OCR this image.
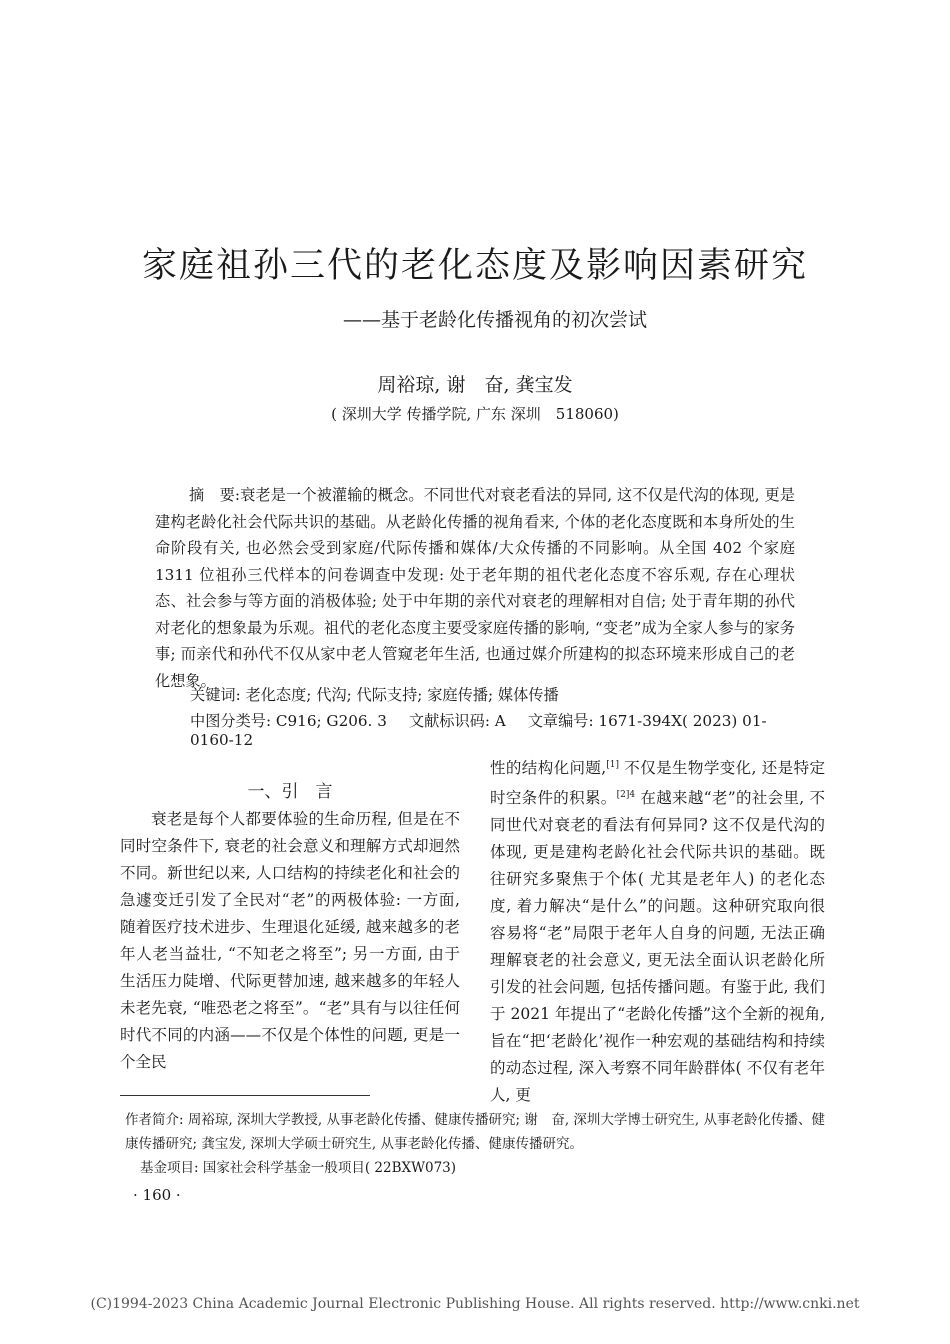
家庭祖孙三代的老化态度及影响因素研究
——基于老龄化传播视角的初次尝试
周裕琼, 谢　奋, 龚宝发
( 深圳大学 传播学院, 广东 深圳　518060)
摘　要:衰老是一个被灌输的概念。不同世代对衰老看法的异同, 这不仅是代沟的体现, 更是建构老龄化社会代际共识的基础。从老龄化传播的视角看来, 个体的老化态度既和本身所处的生命阶段有关, 也必然会受到家庭/代际传播和媒体/大众传播的不同影响。从全国 402 个家庭 1311 位祖孙三代样本的问卷调查中发现: 处于老年期的祖代老化态度不容乐观, 存在心理状态、社会参与等方面的消极体验; 处于中年期的亲代对衰老的理解相对自信; 处于青年期的孙代对老化的想象最为乐观。祖代的老化态度主要受家庭传播的影响, “变老”成为全家人参与的家务事; 而亲代和孙代不仅从家中老人管窥老年生活, 也通过媒介所建构的拟态环境来形成自己的老化想象。
关键词: 老化态度; 代沟; 代际支持; 家庭传播; 媒体传播
中图分类号: C916; G206. 3 文献标识码: A 文章编号: 1671-394X( 2023) 01-0160-12
一、引　言
衰老是每个人都要体验的生命历程, 但是在不同时空条件下, 衰老的社会意义和理解方式却迥然不同。新世纪以来, 人口结构的持续老化和社会的急遽变迁引发了全民对“老”的两极体验: 一方面, 随着医疗技术进步、生理退化延缓, 越来越多的老年人老当益壮, “不知老之将至”; 另一方面, 由于生活压力陡增、代际更替加速, 越来越多的年轻人未老先衰, “唯恐老之将至”。“老”具有与以往任何时代不同的内涵——不仅是个体性的问题, 更是一个全民
性的结构化问题,[1] 不仅是生物学变化, 还是特定时空条件的积累。$^{[2]4}$ 在越来越“老”的社会里, 不同世代对衰老的看法有何异同? 这不仅是代沟的体现, 更是建构老龄化社会代际共识的基础。既往研究多聚焦于个体( 尤其是老年人) 的老化态度, 着力解决“是什么”的问题。这种研究取向很容易将“老”局限于老年人自身的问题, 无法正确理解衰老的社会意义, 更无法全面认识老龄化所引发的社会问题, 包括传播问题。有鉴于此, 我们于 2021 年提出了“老龄化传播”这个全新的视角, 旨在“把‘老龄化’视作一种宏观的基础结构和持续的动态过程, 深入考察不同年龄群体( 不仅有老年人, 更
作者简介: 周裕琼, 深圳大学教授, 从事老龄化传播、健康传播研究; 谢　奋, 深圳大学博士研究生, 从事老龄化传播、健康传播研究; 龚宝发, 深圳大学硕士研究生, 从事老龄化传播、健康传播研究。
基金项目: 国家社会科学基金一般项目( 22BXW073)
· 160 ·
(C)1994-2023 China Academic Journal Electronic Publishing House. All rights reserved. http://www.cnki.net
